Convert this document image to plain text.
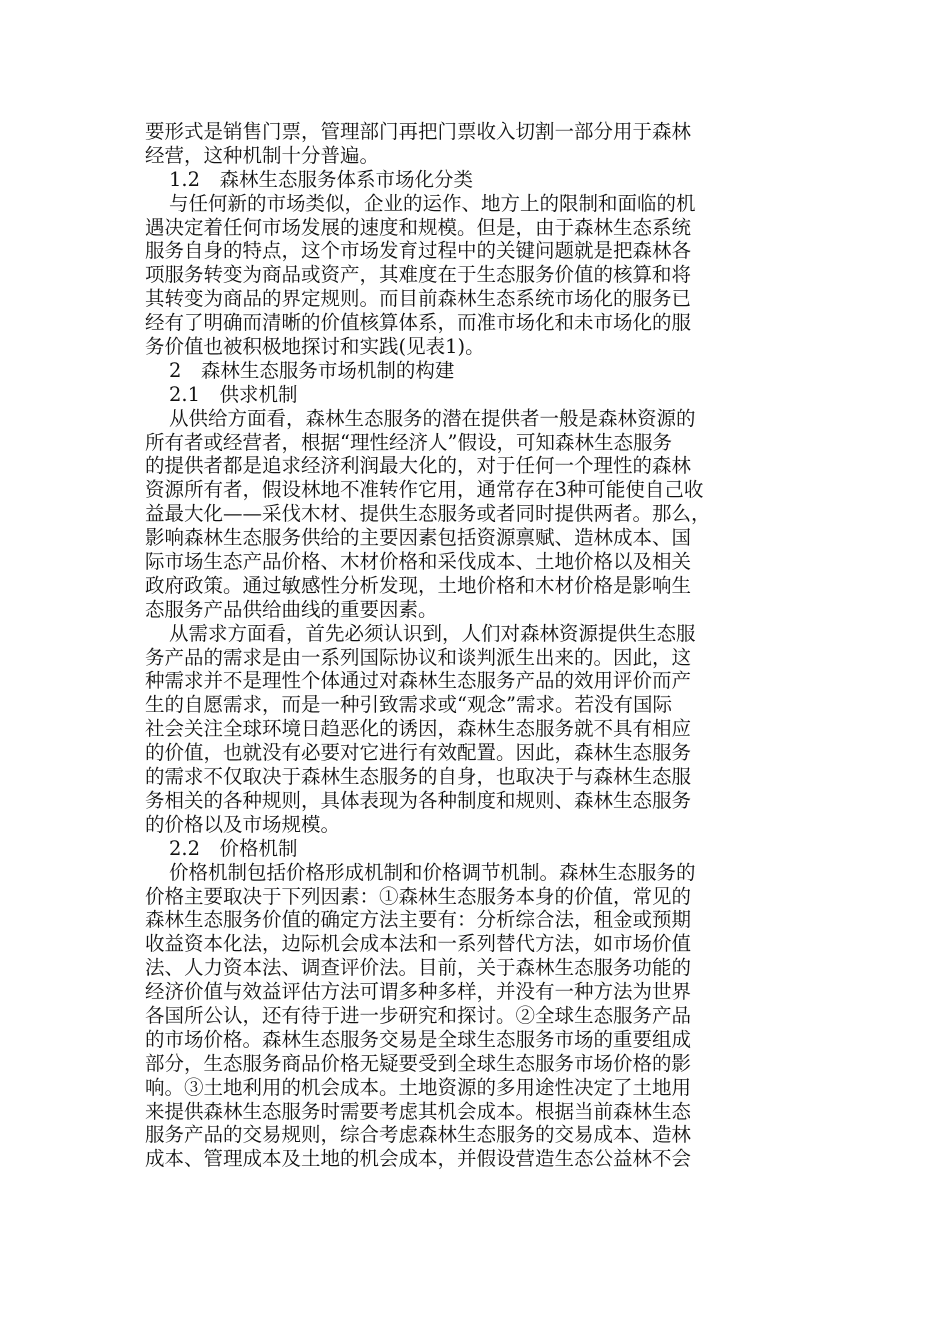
要形式是销售门票，管理部门再把门票收入切割一部分用于森林
经营，这种机制十分普遍。
1.2　森林生态服务体系市场化分类
与任何新的市场类似，企业的运作、地方上的限制和面临的机
遇决定着任何市场发展的速度和规模。但是，由于森林生态系统
服务自身的特点，这个市场发育过程中的关键问题就是把森林各
项服务转变为商品或资产，其难度在于生态服务价值的核算和将
其转变为商品的界定规则。而目前森林生态系统市场化的服务已
经有了明确而清晰的价值核算体系，而准市场化和未市场化的服
务价值也被积极地探讨和实践(见表1)。
2　森林生态服务市场机制的构建
2.1　供求机制
从供给方面看，森林生态服务的潜在提供者一般是森林资源的
所有者或经营者，根据“理性经济人”假设，可知森林生态服务
的提供者都是追求经济利润最大化的，对于任何一个理性的森林
资源所有者，假设林地不准转作它用，通常存在3种可能使自己收
益最大化——采伐木材、提供生态服务或者同时提供两者。那么，
影响森林生态服务供给的主要因素包括资源禀赋、造林成本、国
际市场生态产品价格、木材价格和采伐成本、土地价格以及相关
政府政策。通过敏感性分析发现，土地价格和木材价格是影响生
态服务产品供给曲线的重要因素。
从需求方面看，首先必须认识到，人们对森林资源提供生态服
务产品的需求是由一系列国际协议和谈判派生出来的。因此，这
种需求并不是理性个体通过对森林生态服务产品的效用评价而产
生的自愿需求，而是一种引致需求或“观念”需求。若没有国际
社会关注全球环境日趋恶化的诱因，森林生态服务就不具有相应
的价值，也就没有必要对它进行有效配置。因此，森林生态服务
的需求不仅取决于森林生态服务的自身，也取决于与森林生态服
务相关的各种规则，具体表现为各种制度和规则、森林生态服务
的价格以及市场规模。
2.2　价格机制
价格机制包括价格形成机制和价格调节机制。森林生态服务的
价格主要取决于下列因素：①森林生态服务本身的价值，常见的
森林生态服务价值的确定方法主要有：分析综合法，租金或预期
收益资本化法，边际机会成本法和一系列替代方法，如市场价值
法、人力资本法、调查评价法。目前，关于森林生态服务功能的
经济价值与效益评估方法可谓多种多样，并没有一种方法为世界
各国所公认，还有待于进一步研究和探讨。②全球生态服务产品
的市场价格。森林生态服务交易是全球生态服务市场的重要组成
部分，生态服务商品价格无疑要受到全球生态服务市场价格的影
响。③土地利用的机会成本。土地资源的多用途性决定了土地用
来提供森林生态服务时需要考虑其机会成本。根据当前森林生态
服务产品的交易规则，综合考虑森林生态服务的交易成本、造林
成本、管理成本及土地的机会成本，并假设营造生态公益林不会
